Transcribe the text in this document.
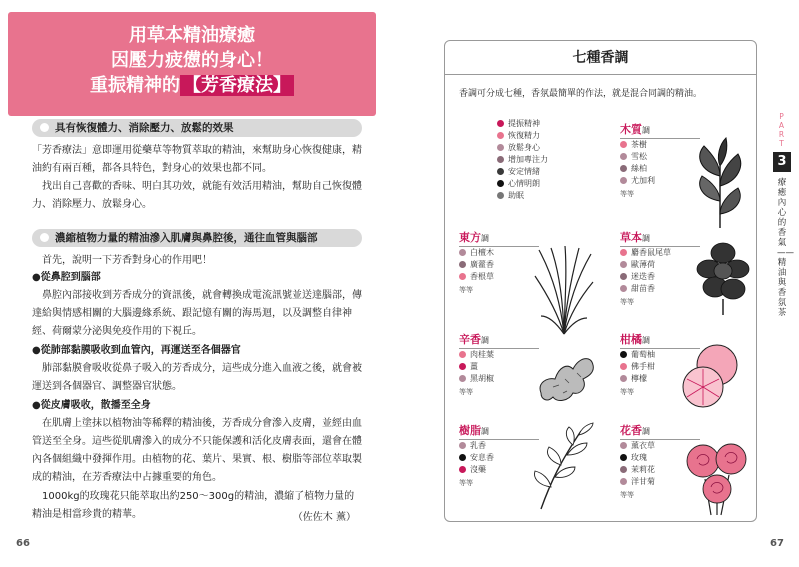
用草本精油療癒
因壓力疲憊的身心！
重振精神的 【芳香療法】
具有恢復體力、消除壓力、放鬆的效果
「芳香療法」意即運用從藥草等物質萃取的精油，來幫助身心恢復健康，精油約有兩百種，都各具特色，對身心的效果也都不同。
找出自己喜歡的香味、明白其功效，就能有效活用精油，幫助自己恢復體力、消除壓力、放鬆身心。
濃縮植物力量的精油滲入肌膚與鼻腔後，通往血管與腦部
首先，說明一下芳香對身心的作用吧！
●從鼻腔到腦部
鼻腔內部接收到芳香成分的資訊後，就會轉換成電流訊號並送達腦部，傳達給與情感相關的大腦邊緣系統、跟記憶有關的海馬迴，以及調整自律神經、荷爾蒙分泌與免疫作用的下視丘。
●從肺部黏膜吸收到血管內，再運送至各個器官
肺部黏膜會吸收從鼻子吸入的芳香成分，這些成分進入血液之後，就會被運送到各個器官、調整器官狀態。
●從皮膚吸收，散播至全身
在肌膚上塗抹以植物油等稀釋的精油後，芳香成分會滲入皮膚，並經由血管送至全身。這些從肌膚滲入的成分不只能保護和活化皮膚表面，還會在體內各個組織中發揮作用。由植物的花、葉片、果實、根、樹脂等部位萃取製成的精油，在芳香療法中占據重要的角色。
1000kg的玫瑰花只能萃取出約250～300g的精油，濃縮了植物力量的精油是相當珍貴的精華。	（佐佐木 薰）
66
七種香調
香調可分成七種，香氛最簡單的作法，就是混合同調的精油。
提振精神
恢復精力
放鬆身心
增加專注力
安定情緒
心情明朗
助眠
木質調
茶樹
雪松
絲柏
尤加利
等等
東方調
白檀木
廣藿香
香根草
等等
草本調
麝香鼠尾草
歐薄荷
迷迭香
甜苗香
等等
辛香調
肉桂葉
薑
黑胡椒
等等
柑橘調
葡萄柚
佛手柑
檸檬
等等
樹脂調
乳香
安息香
沒藥
等等
花香調
薰衣草
玫瑰
茉莉花
洋甘菊
等等
PART
3
療癒內心的香氣——精油與香氛茶
67
